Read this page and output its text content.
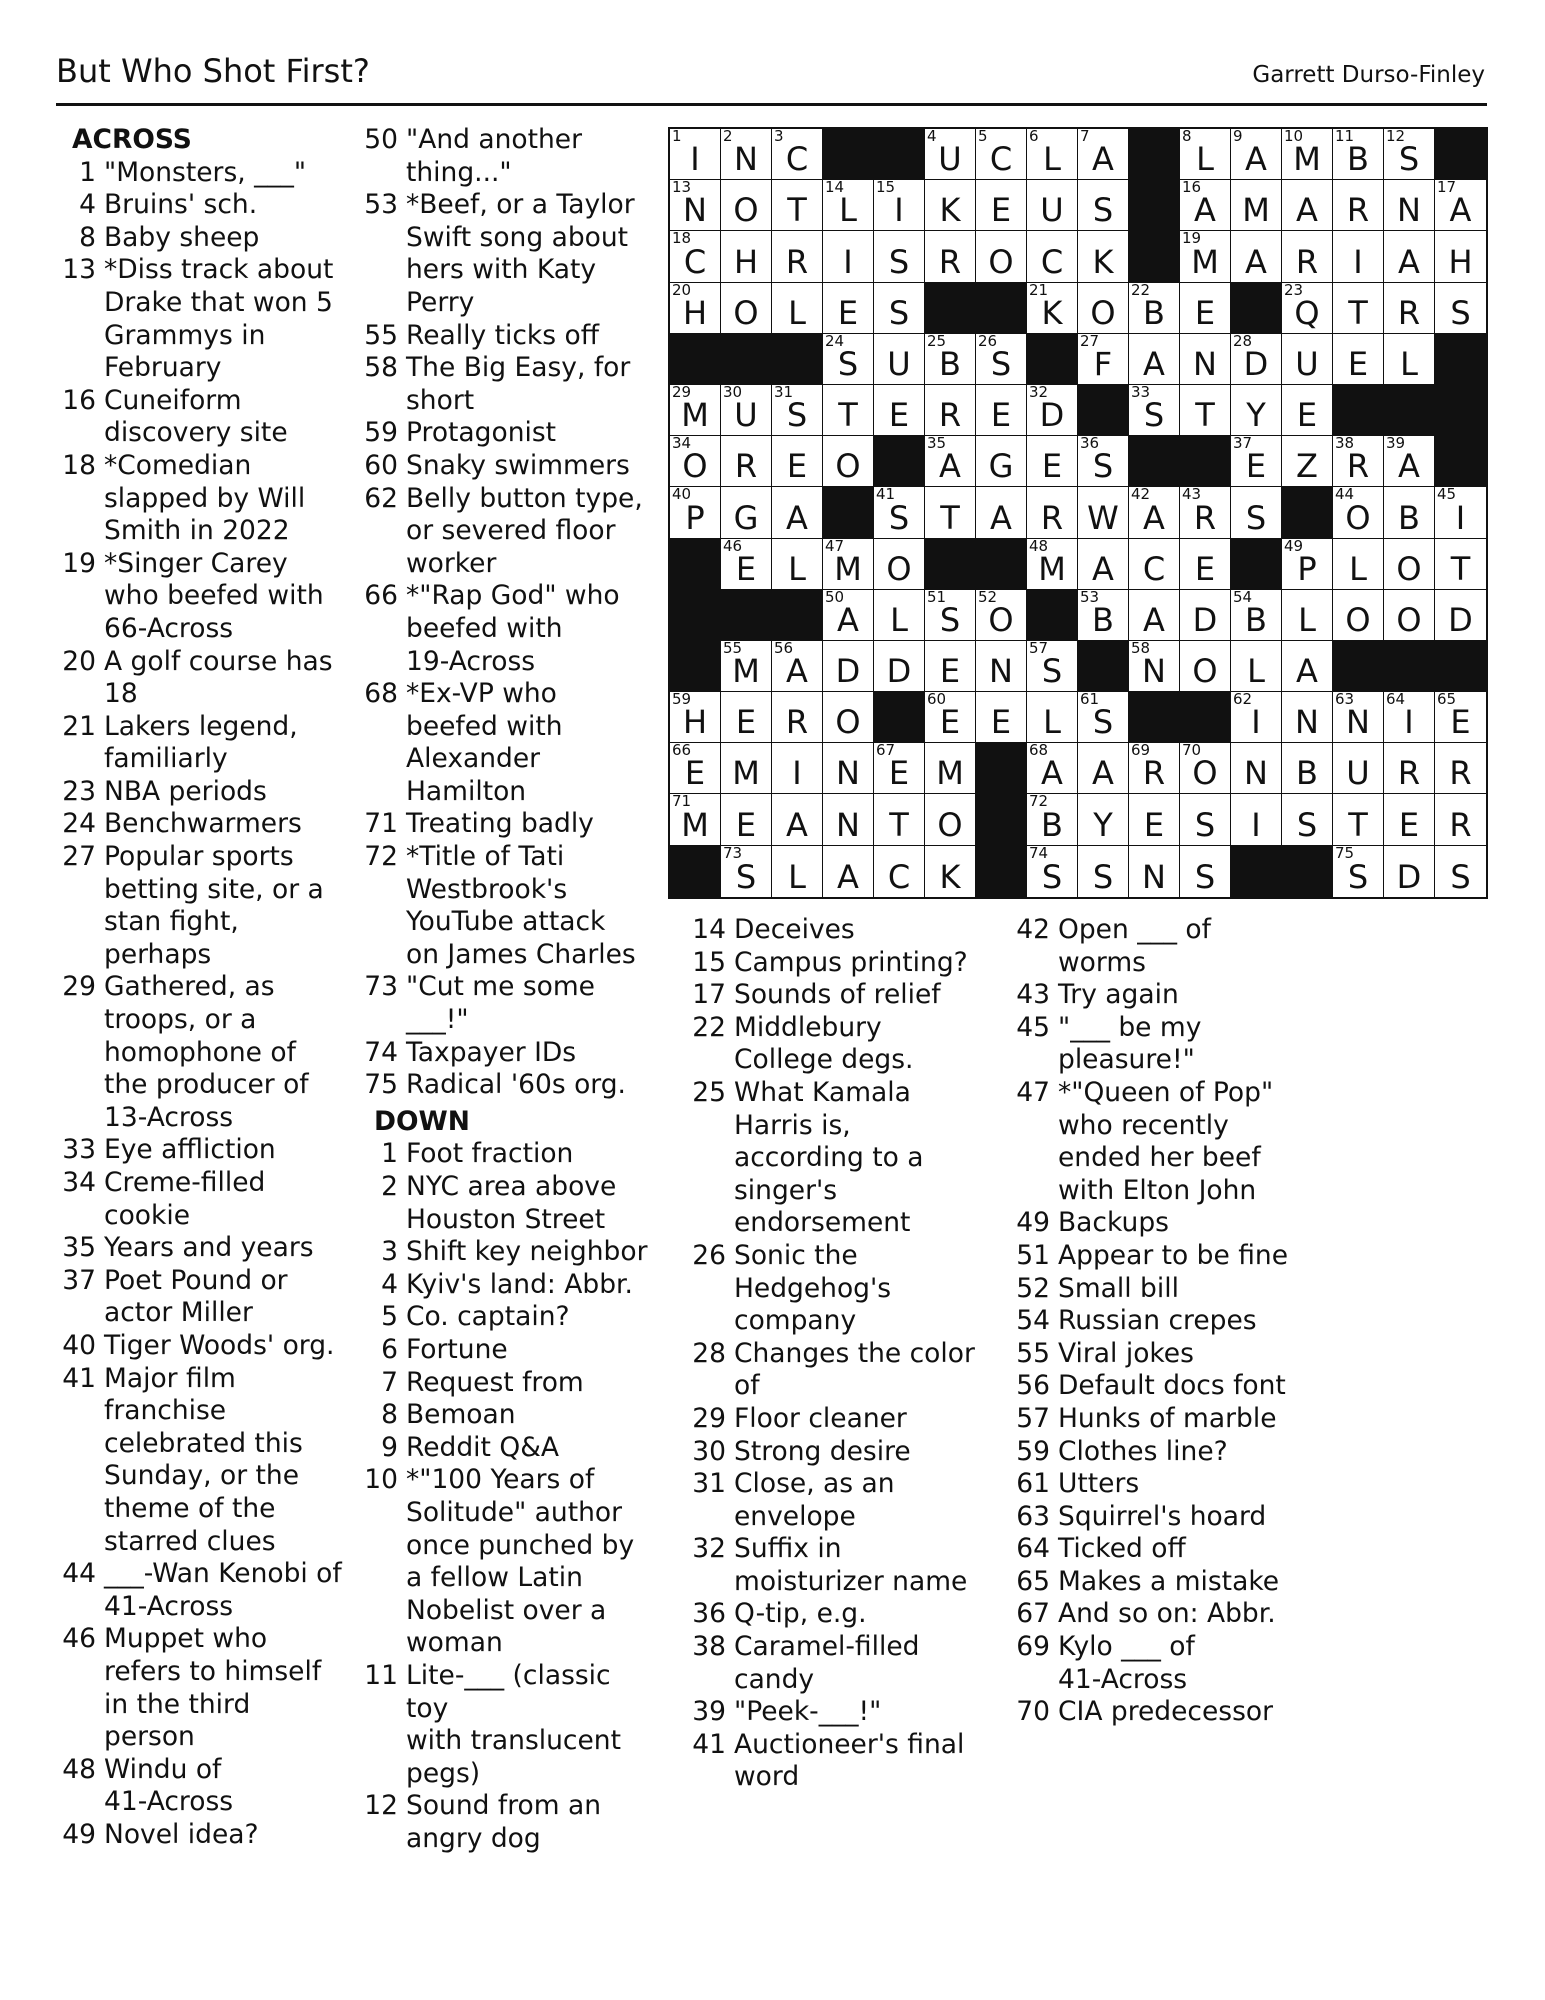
But Who Shot First?	Garrett Durso-Finley
ACROSS
1 "Monsters, ___"
4 Bruins' sch.
8 Baby sheep
13 *Diss track about
Drake that won 5
Grammys in
February
16 Cuneiform
discovery site
18 *Comedian
slapped by Will
Smith in 2022
19 *Singer Carey
who beefed with
66-Across
20 A golf course has
18
21 Lakers legend,
familiarly
23 NBA periods
24 Benchwarmers
27 Popular sports
betting site, or a
stan fight,
perhaps
29 Gathered, as
troops, or a
homophone of
the producer of
13-Across
33 Eye affliction
34 Creme-filled
cookie
35 Years and years
37 Poet Pound or
actor Miller
40 Tiger Woods' org.
41 Major film
franchise
celebrated this
Sunday, or the
theme of the
starred clues
44 ___-Wan Kenobi of
41-Across
46 Muppet who
refers to himself
in the third
person
48 Windu of
41-Across
49 Novel idea?
50 "And another
thing..."
53 *Beef, or a Taylor
Swift song about
hers with Katy
Perry
55 Really ticks off
58 The Big Easy, for
short
59 Protagonist
60 Snaky swimmers
62 Belly button type,
or severed floor
worker
66 *"Rap God" who
beefed with
19-Across
68 *Ex-VP who
beefed with
Alexander
Hamilton
71 Treating badly
72 *Title of Tati
Westbrook's
YouTube attack
on James Charles
73 "Cut me some
___!"
74 Taxpayer IDs
75 Radical '60s org.
DOWN
1 Foot fraction
2 NYC area above
Houston Street
3 Shift key neighbor
4 Kyiv's land: Abbr.
5 Co. captain?
6 Fortune
7 Request from
8 Bemoan
9 Reddit Q&A
10 *"100 Years of
Solitude" author
once punched by
a fellow Latin
Nobelist over a
woman
11 Lite-___ (classic toy
with translucent
pegs)
12 Sound from an
angry dog
1
I
2
N
3
C
4
U
5
C
6
L
7
A
8
L
9
A
10
M
11
B
12
S
13
N O T
14
L
15
I	K E U S
16
A M A R N
17
A
18
C H R	I	S R O C K
19
M A R	I	A H
20
H O L E S
21
K O
22
B E
23
Q T R S
24
S U
25
B
26
S
27
F A N
28
D U E L
29
M
30
U
31
S T E R E
32
D
33
S T Y E
34
O R E O
35
A G E
36
S
37
E Z
38
R
39
A
40
P G A
41
S T A R W
42
A
43
R S
44
O B
45
I
46
E L
47
M O
48
M A C E
49
P	L O T
50
A L
51
S
52
O
53
B A D
54
B L O O D
55
M
56
A D D E N
57
S
58
N O L A
59
H E R O
60
E E L
61
S
62
I	N
63
N
64
I
65
E
66
E M	I	N
67
E M
68
A A
69
R
70
O N B U R R
71
M E A N T O
72
B Y E S	I	S T E R
73
S L A C K
74
S S N S
75
S D S
14 Deceives
15 Campus printing?
17 Sounds of relief
22 Middlebury
College degs.
25 What Kamala
Harris is,
according to a
singer's
endorsement
26 Sonic the
Hedgehog's
company
28 Changes the color
of
29 Floor cleaner
30 Strong desire
31 Close, as an
envelope
32 Suffix in
moisturizer name
36 Q-tip, e.g.
38 Caramel-filled
candy
39 "Peek-___!"
41 Auctioneer's final
word
42 Open ___ of
worms
43 Try again
45 "___ be my
pleasure!"
47 *"Queen of Pop"
who recently
ended her beef
with Elton John
49 Backups
51 Appear to be fine
52 Small bill
54 Russian crepes
55 Viral jokes
56 Default docs font
57 Hunks of marble
59 Clothes line?
61 Utters
63 Squirrel's hoard
64 Ticked off
65 Makes a mistake
67 And so on: Abbr.
69 Kylo ___ of
41-Across
70 CIA predecessor
